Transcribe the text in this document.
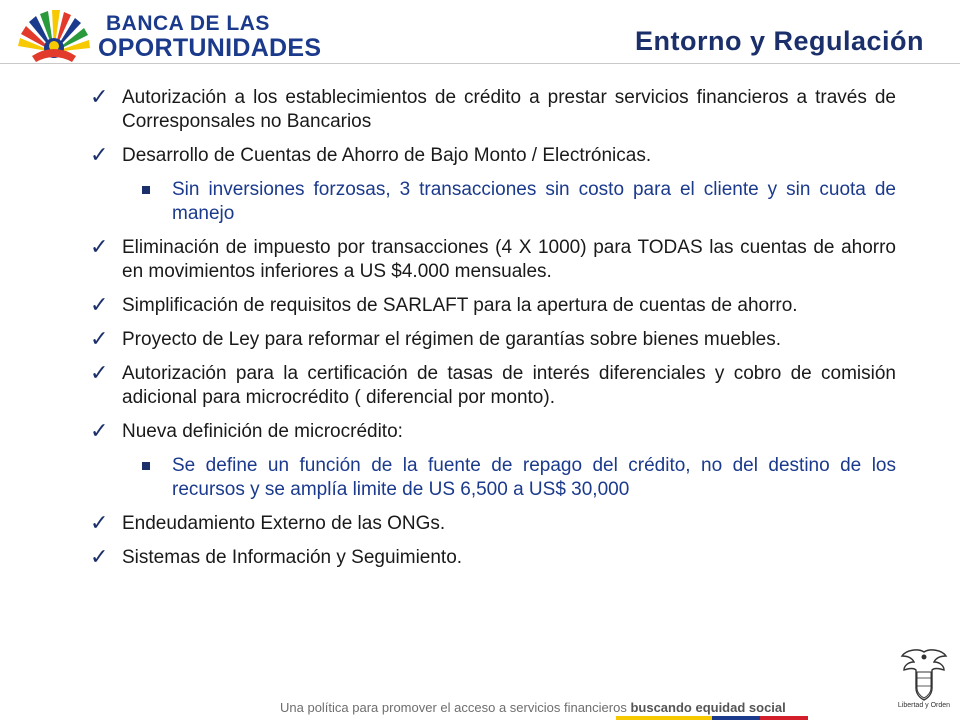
BANCA DE LAS
OPORTUNIDADES	Entorno y Regulación
✓ Autorización a los establecimientos de crédito a prestar servicios financieros a través de Corresponsales no Bancarios
✓ Desarrollo de Cuentas de Ahorro de Bajo Monto / Electrónicas.
Sin inversiones forzosas, 3 transacciones sin costo para el cliente y sin cuota de manejo
✓ Eliminación de impuesto por transacciones (4 X 1000) para TODAS las cuentas de ahorro en movimientos inferiores a US $4.000 mensuales.
✓ Simplificación de requisitos de SARLAFT para la apertura de cuentas de ahorro.
✓ Proyecto de Ley para reformar el régimen de garantías sobre bienes muebles.
✓ Autorización para la certificación de tasas de interés diferenciales y cobro de comisión adicional para microcrédito ( diferencial por monto).
✓ Nueva definición de microcrédito:
Se define un función de la fuente de repago del crédito, no del destino de los recursos y se amplía limite de US 6,500 a US$ 30,000
✓ Endeudamiento Externo de las ONGs.
✓ Sistemas de Información y Seguimiento.
Una política para promover el acceso a servicios financieros buscando equidad social	Libertad y Orden
